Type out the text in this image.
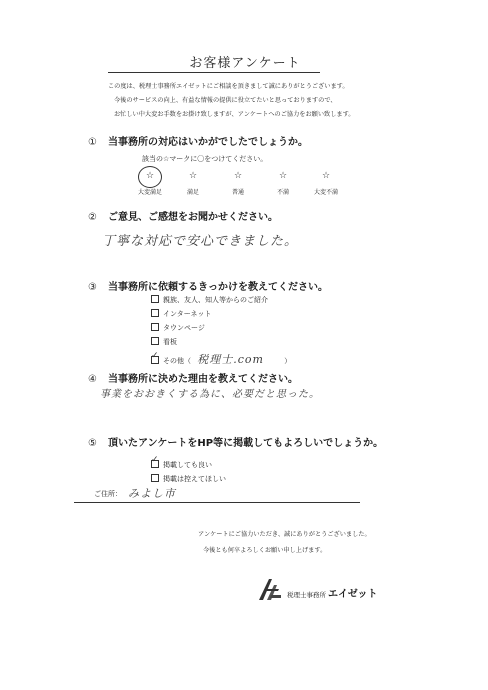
お客様アンケート
この度は、税理士事務所エイゼットにご相談を頂きまして誠にありがとうございます。
今後のサービスの向上、有益な情報の提供に役立てたいと思っておりますので、
お忙しい中大変お手数をお掛け致しますが、アンケートへのご協力をお願い致します。
① 当事務所の対応はいかがでしたでしょうか。
該当の☆マークに〇をつけてください。
☆
大変満足
☆
満足
☆
普通
☆
不満
☆
大変不満
② ご意見、ご感想をお聞かせください。
丁寧な対応で安心できました。
③ 当事務所に依頼するきっかけを教えてください。
親族、友人、知人等からのご紹介
インターネット
タウンページ
看板
✓ その他（ 税理士.com	）
④ 当事務所に決めた理由を教えてください。
事業をおおきくする為に、必要だと思った。
⑤ 頂いたアンケートをHP等に掲載してもよろしいでしょうか。
✓ 掲載しても良い
掲載は控えてほしい
ご住所： みよし市
アンケートにご協力いただき、誠にありがとうございました。
今後とも何卒よろしくお願い申し上げます。
税理士事務所 エイゼット
